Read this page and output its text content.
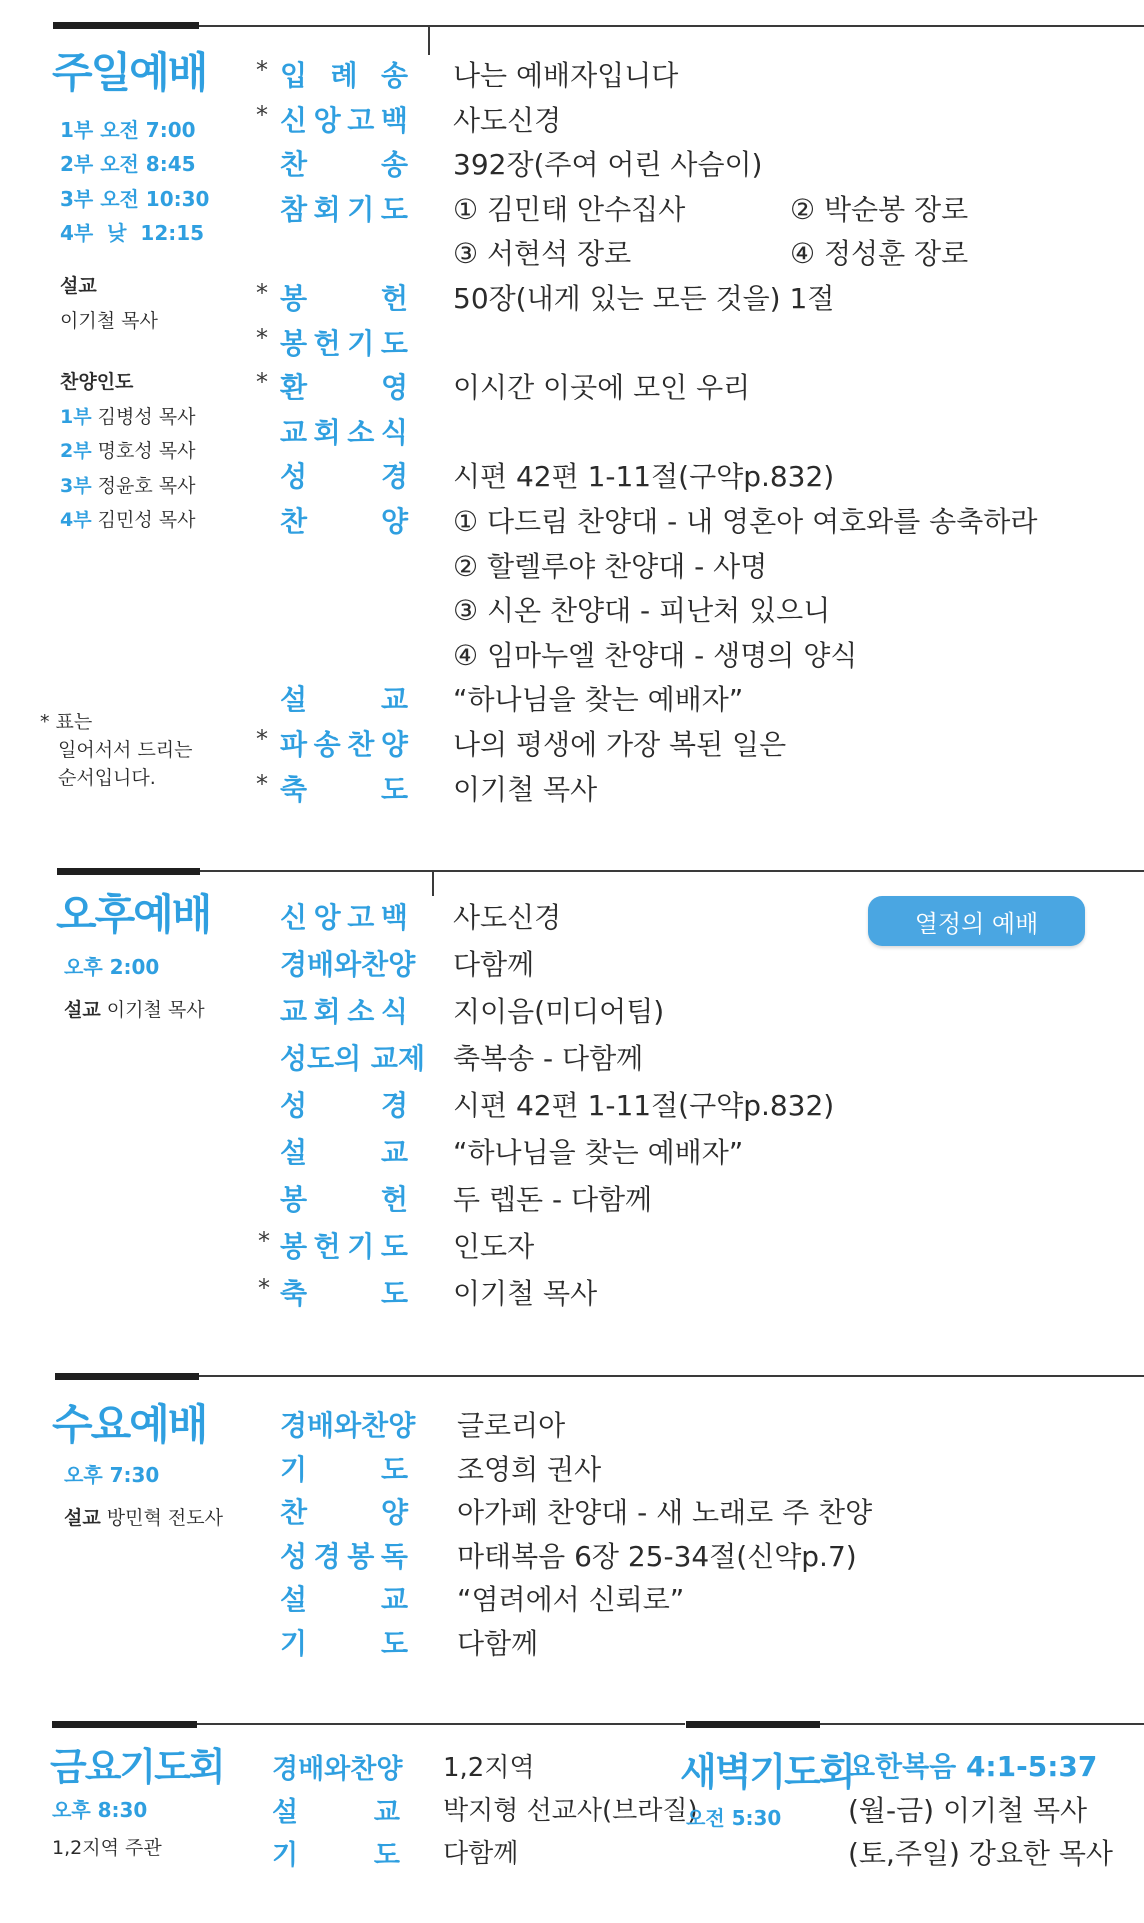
주일예배
1부 오전 7:00
2부 오전 8:45
3부 오전 10:30
4부  낮  12:15
설교
이기철 목사
찬양인도
1부 김병성 목사
2부 명호성 목사
3부 정윤호 목사
4부 김민성 목사
* 표는
일어서서 드리는
순서입니다.
* 입 례 송 나는 예배자입니다
* 신 앙 고 백 사도신경
찬	송 392장(주여 어린 사슴이)
참 회 기 도 ① 김민태 안수집사	② 박순봉 장로
③ 서현석 장로	④ 정성훈 장로
* 봉	헌 50장(내게 있는 모든 것을) 1절
* 봉 헌 기 도
* 환	영 이시간 이곳에 모인 우리
교 회 소 식
성	경 시편 42편 1-11절(구약p.832)
찬	양 ① 다드림 찬양대 - 내 영혼아 여호와를 송축하라
② 할렐루야 찬양대 - 사명
③ 시온 찬양대 - 피난처 있으니
④ 임마누엘 찬양대 - 생명의 양식
설	교 “하나님을 찾는 예배자”
* 파 송 찬 양 나의 평생에 가장 복된 일은
* 축	도 이기철 목사
오후예배
오후 2:00
설교 이기철 목사
열정의 예배
신 앙 고 백 사도신경
경배와찬양 다함께
교 회 소 식 지이음(미디어팀)
성도의 교제 축복송 - 다함께
성	경 시편 42편 1-11절(구약p.832)
설	교 “하나님을 찾는 예배자”
봉	헌 두 렙돈 - 다함께
* 봉 헌 기 도 인도자
* 축	도 이기철 목사
수요예배
오후 7:30
설교 방민혁 전도사
경배와찬양 글로리아
기	도 조영희 권사
찬	양 아가페 찬양대 - 새 노래로 주 찬양
성 경 봉 독 마태복음 6장 25-34절(신약p.7)
설	교 “염려에서 신뢰로”
기	도 다함께
금요기도회
오후 8:30
1,2지역 주관
경배와찬양 1,2지역
설	교 박지형 선교사(브라질)
기	도 다함께
새벽기도회
오전 5:30
요한복음 4:1-5:37
(월-금) 이기철 목사
(토,주일) 강요한 목사
